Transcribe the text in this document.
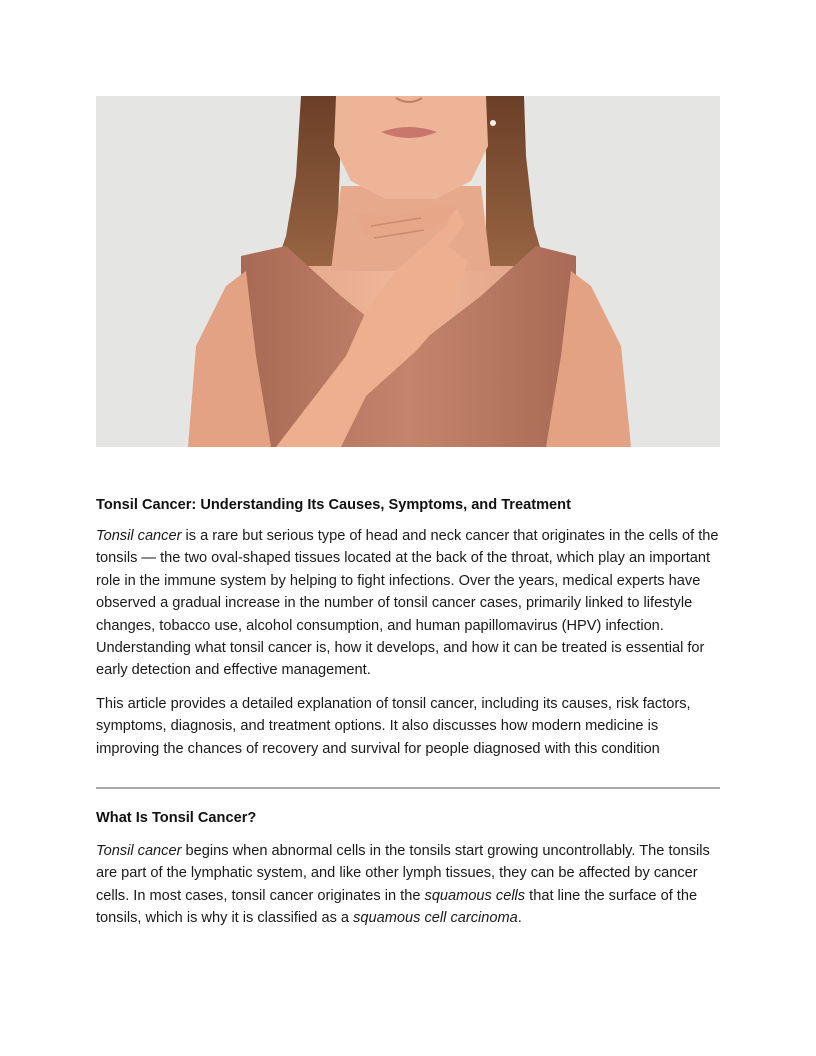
Tonsil Cancer: Understanding Its Causes, Symptoms, and Treatment

Tonsil cancer is a rare but serious type of head and neck cancer that originates in the cells of the tonsils — the two oval-shaped tissues located at the back of the throat, which play an important role in the immune system by helping to fight infections. Over the years, medical experts have observed a gradual increase in the number of tonsil cancer cases, primarily linked to lifestyle changes, tobacco use, alcohol consumption, and human papillomavirus (HPV) infection. Understanding what tonsil cancer is, how it develops, and how it can be treated is essential for early detection and effective management.

This article provides a detailed explanation of tonsil cancer, including its causes, risk factors, symptoms, diagnosis, and treatment options. It also discusses how modern medicine is improving the chances of recovery and survival for people diagnosed with this condition

What Is Tonsil Cancer?

Tonsil cancer begins when abnormal cells in the tonsils start growing uncontrollably. The tonsils are part of the lymphatic system, and like other lymph tissues, they can be affected by cancer cells. In most cases, tonsil cancer originates in the squamous cells that line the surface of the tonsils, which is why it is classified as a squamous cell carcinoma.
